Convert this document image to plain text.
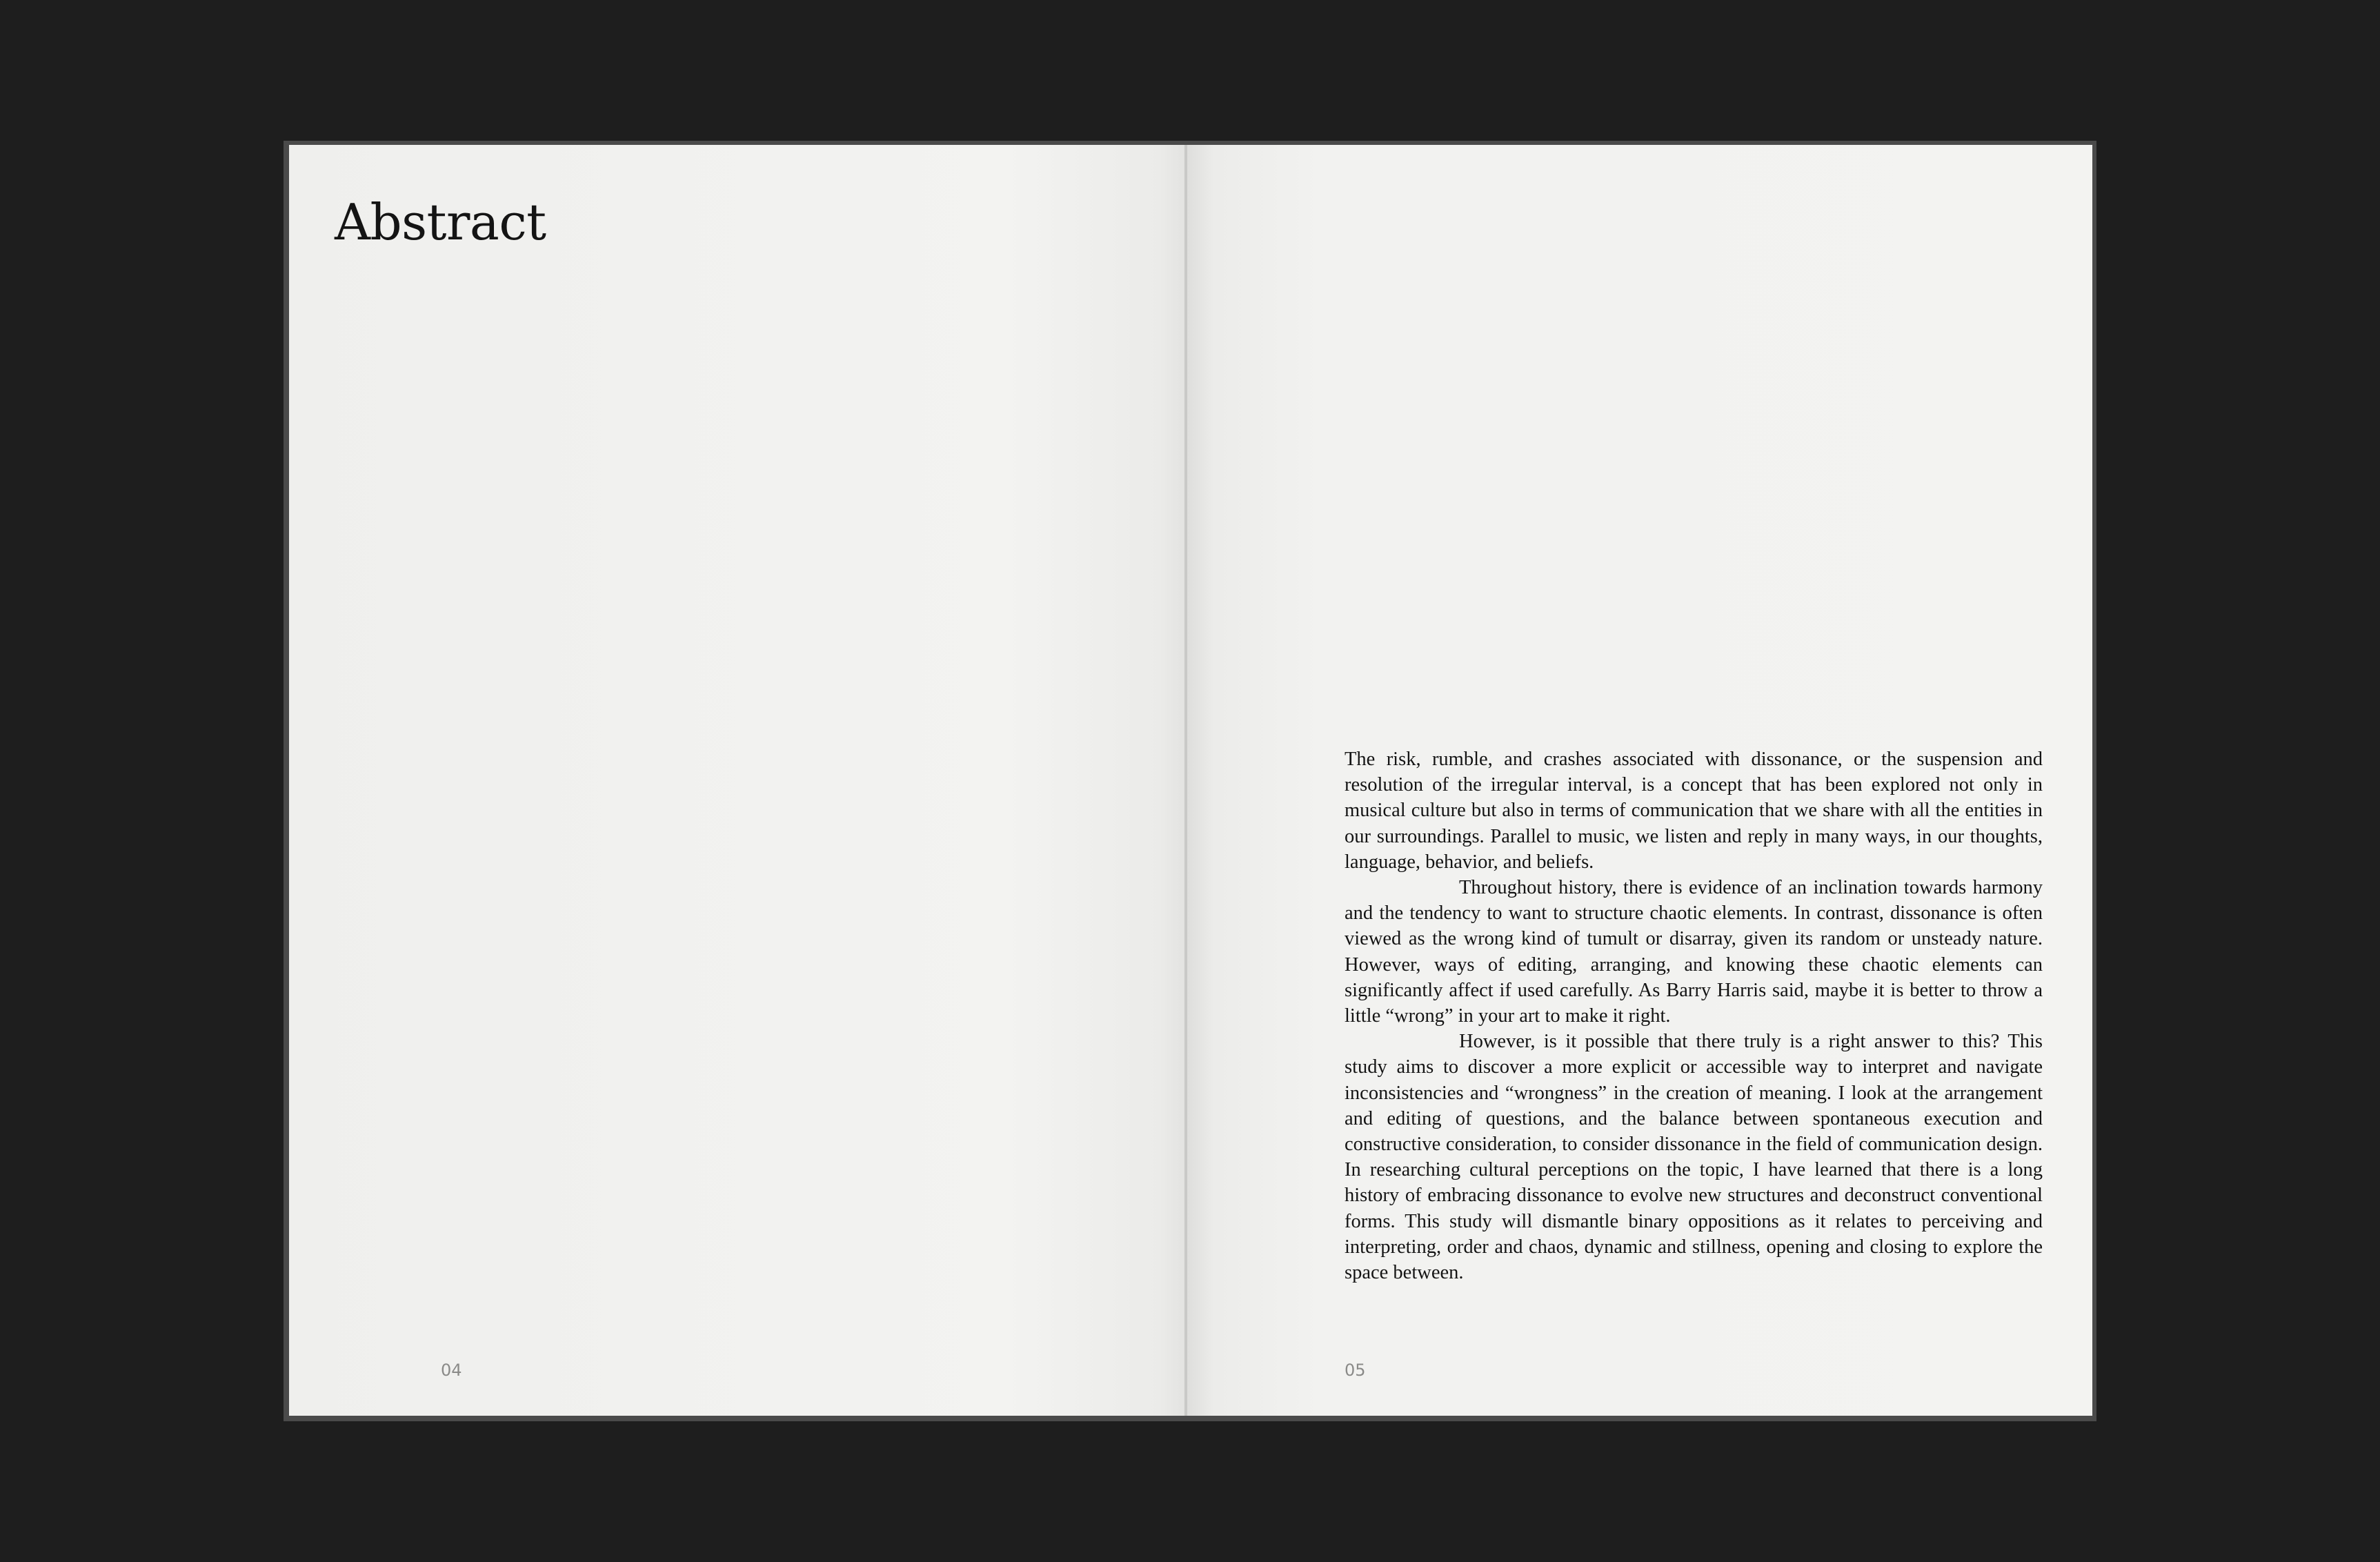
Abstract
04

The risk, rumble, and crashes associated with dissonance, or the suspension and resolution of the irregular interval, is a concept that has been explored not only in musical culture but also in terms of communication that we share with all the entities in our surroundings. Parallel to music, we listen and reply in many ways, in our thoughts, language, behavior, and beliefs.

Throughout history, there is evidence of an inclination towards harmony and the tendency to want to structure chaotic elements. In contrast, dissonance is often viewed as the wrong kind of tumult or disarray, given its random or unsteady nature. However, ways of editing, arranging, and knowing these chaotic elements can significantly affect if used carefully. As Barry Harris said, maybe it is better to throw a little “wrong” in your art to make it right.

However, is it possible that there truly is a right answer to this? This study aims to discover a more explicit or accessible way to interpret and navigate inconsistencies and “wrongness” in the creation of meaning. I look at the arrangement and editing of questions, and the balance between spontaneous execution and constructive consideration, to consider dissonance in the field of communication design. In researching cultural perceptions on the topic, I have learned that there is a long history of embracing dissonance to evolve new structures and deconstruct conventional forms. This study will dismantle binary oppositions as it relates to perceiving and interpreting, order and chaos, dynamic and stillness, opening and closing to explore the space between.

05
